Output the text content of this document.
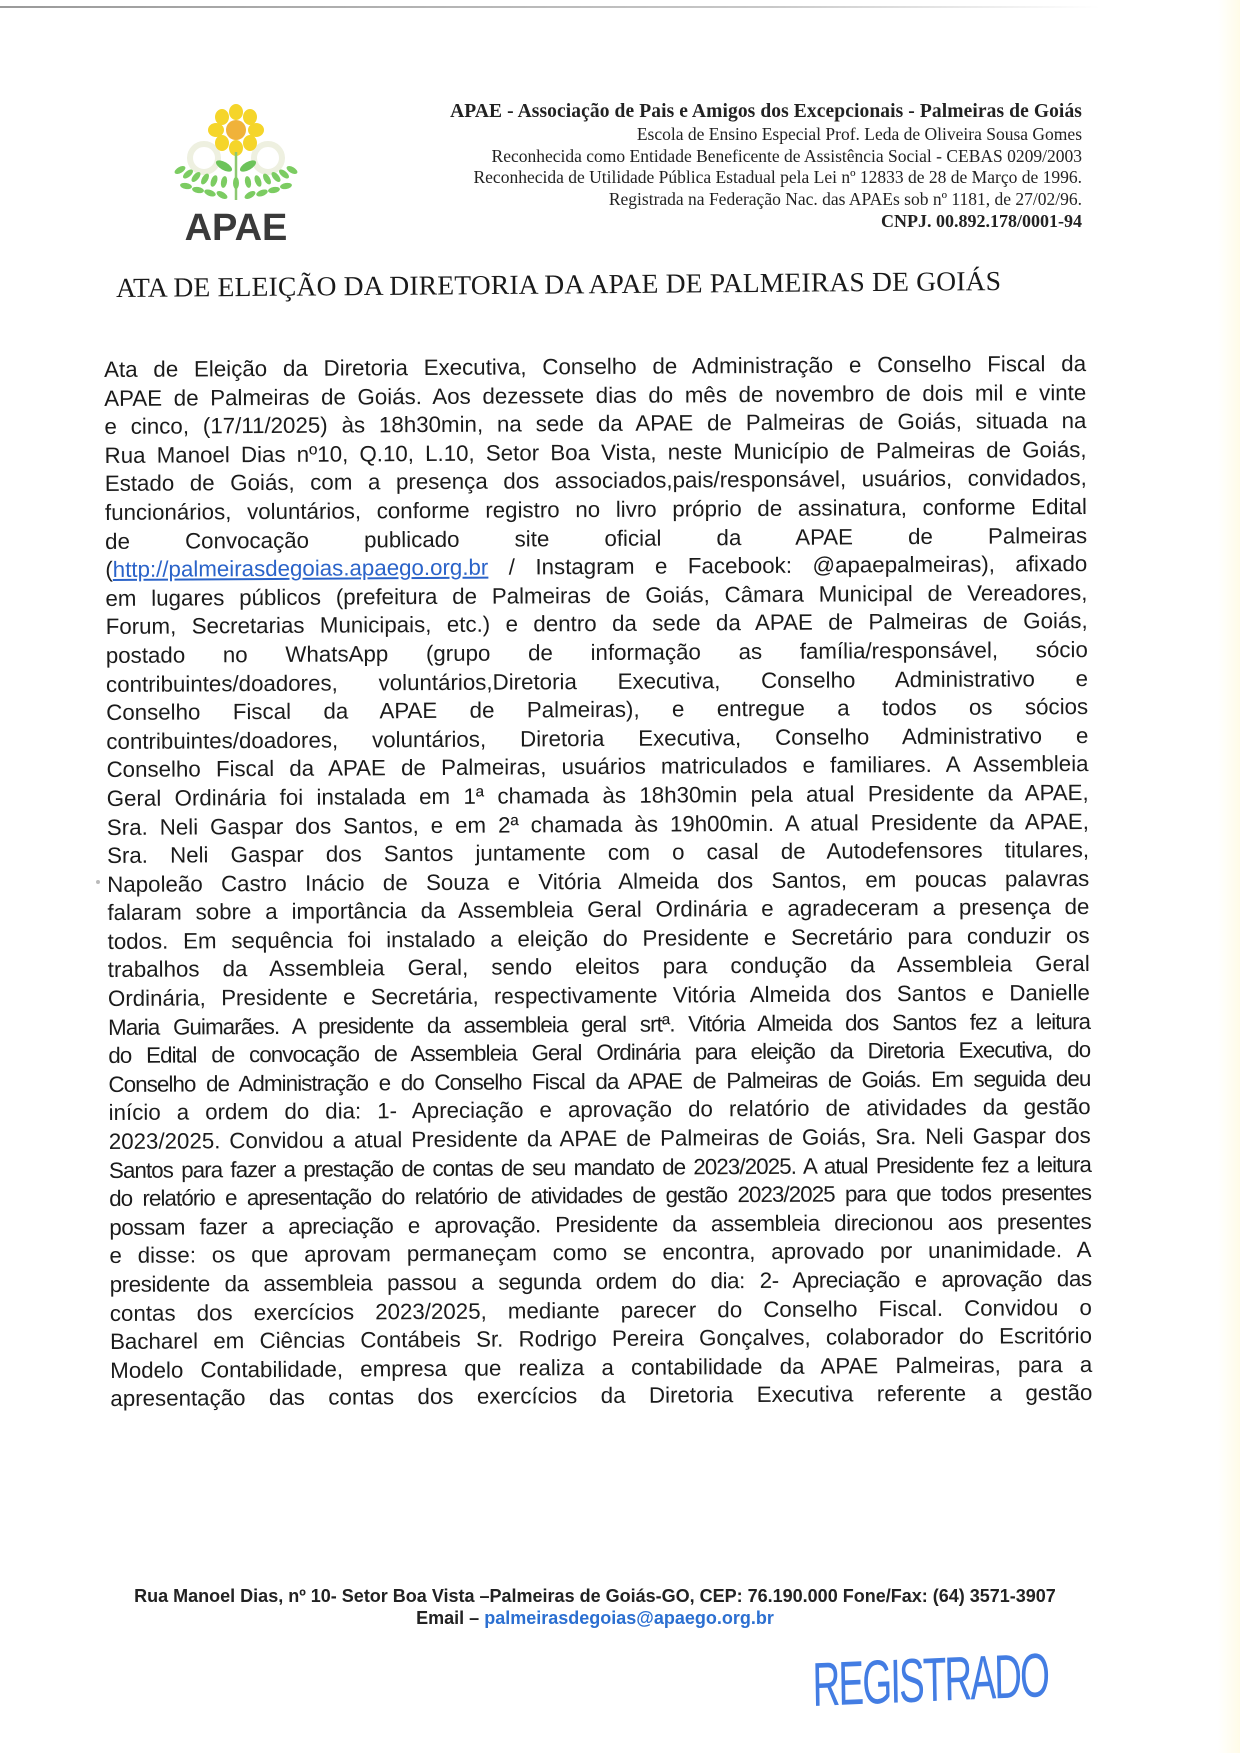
APAE
APAE - Associação de Pais e Amigos dos Excepcionais - Palmeiras de Goiás
Escola de Ensino Especial Prof. Leda de Oliveira Sousa Gomes
Reconhecida como Entidade Beneficente de Assistência Social - CEBAS 0209/2003
Reconhecida de Utilidade Pública Estadual pela Lei nº 12833 de 28 de Março de 1996.
Registrada na Federação Nac. das APAEs sob nº 1181, de 27/02/96.
CNPJ. 00.892.178/0001-94
ATA DE ELEIÇÃO DA DIRETORIA DA APAE DE PALMEIRAS DE GOIÁS
Ata de Eleição da Diretoria Executiva, Conselho de Administração e Conselho Fiscal da
APAE de Palmeiras de Goiás. Aos dezessete dias do mês de novembro de dois mil e vinte
e cinco, (17/11/2025) às 18h30min, na sede da APAE de Palmeiras de Goiás, situada na
Rua Manoel Dias nº10, Q.10, L.10, Setor Boa Vista, neste Município de Palmeiras de Goiás,
Estado de Goiás, com a presença dos associados,pais/responsável, usuários, convidados,
funcionários, voluntários, conforme registro no livro próprio de assinatura, conforme Edital
de Convocação publicado site oficial da APAE de Palmeiras
(http://palmeirasdegoias.apaego.org.br / Instagram e Facebook: @apaepalmeiras), afixado
em lugares públicos (prefeitura de Palmeiras de Goiás, Câmara Municipal de Vereadores,
Forum, Secretarias Municipais, etc.) e dentro da sede da APAE de Palmeiras de Goiás,
postado no WhatsApp (grupo de informação as família/responsável, sócio
contribuintes/doadores, voluntários,Diretoria Executiva, Conselho Administrativo e
Conselho Fiscal da APAE de Palmeiras), e entregue a todos os sócios
contribuintes/doadores, voluntários, Diretoria Executiva, Conselho Administrativo e
Conselho Fiscal da APAE de Palmeiras, usuários matriculados e familiares. A Assembleia
Geral Ordinária foi instalada em 1ª chamada às 18h30min pela atual Presidente da APAE,
Sra. Neli Gaspar dos Santos, e em 2ª chamada às 19h00min. A atual Presidente da APAE,
Sra. Neli Gaspar dos Santos juntamente com o casal de Autodefensores titulares,
Napoleão Castro Inácio de Souza e Vitória Almeida dos Santos, em poucas palavras
falaram sobre a importância da Assembleia Geral Ordinária e agradeceram a presença de
todos. Em sequência foi instalado a eleição do Presidente e Secretário para conduzir os
trabalhos da Assembleia Geral, sendo eleitos para condução da Assembleia Geral
Ordinária, Presidente e Secretária, respectivamente Vitória Almeida dos Santos e Danielle
Maria Guimarães. A presidente da assembleia geral srtª. Vitória Almeida dos Santos fez a leitura
do Edital de convocação de Assembleia Geral Ordinária para eleição da Diretoria Executiva, do
Conselho de Administração e do Conselho Fiscal da APAE de Palmeiras de Goiás. Em seguida deu
início a ordem do dia: 1- Apreciação e aprovação do relatório de atividades da gestão
2023/2025. Convidou a atual Presidente da APAE de Palmeiras de Goiás, Sra. Neli Gaspar dos
Santos para fazer a prestação de contas de seu mandato de 2023/2025. A atual Presidente fez a leitura
do relatório e apresentação do relatório de atividades de gestão 2023/2025 para que todos presentes
possam fazer a apreciação e aprovação. Presidente da assembleia direcionou aos presentes
e disse: os que aprovam permaneçam como se encontra, aprovado por unanimidade. A
presidente da assembleia passou a segunda ordem do dia: 2- Apreciação e aprovação das
contas dos exercícios 2023/2025, mediante parecer do Conselho Fiscal. Convidou o
Bacharel em Ciências Contábeis Sr. Rodrigo Pereira Gonçalves, colaborador do Escritório
Modelo Contabilidade, empresa que realiza a contabilidade da APAE Palmeiras, para a
apresentação das contas dos exercícios da Diretoria Executiva referente a gestão
Rua Manoel Dias, nº 10- Setor Boa Vista –Palmeiras de Goiás-GO, CEP: 76.190.000 Fone/Fax: (64) 3571-3907
Email – palmeirasdegoias@apaego.org.br
REGISTRADO
